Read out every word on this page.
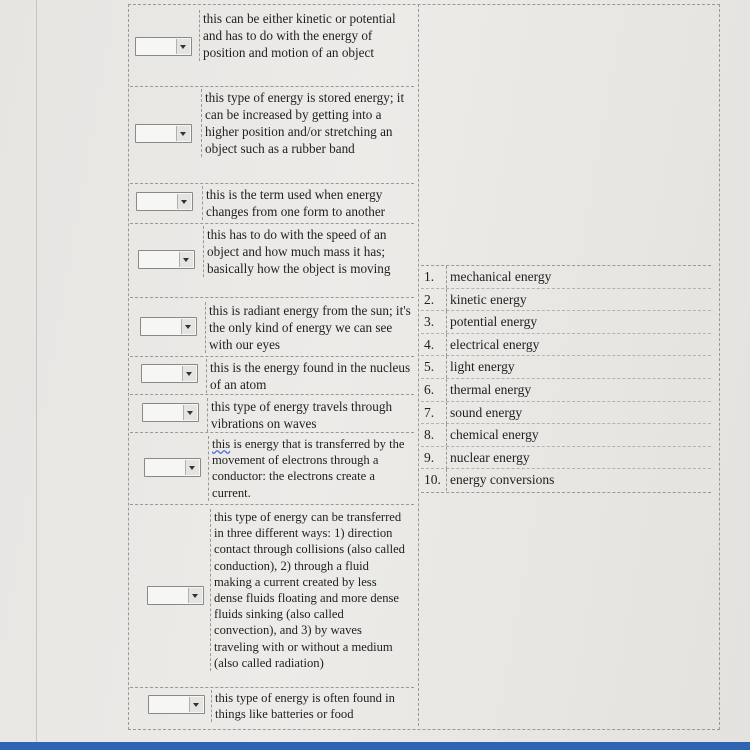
this can be either kinetic or potential and has to do with the energy of position and motion of an object
this type of energy is stored energy; it can be increased by getting into a higher position and/or stretching an object such as a rubber band
this is the term used when energy changes from one form to another
this has to do with the speed of an object and how much mass it has; basically how the object is moving
this is radiant energy from the sun; it's the only kind of energy we can see with our eyes
this is the energy found in the nucleus of an atom
this type of energy travels through vibrations on waves
this is energy that is transferred by the movement of electrons through a conductor: the electrons create a current.
this type of energy can be transferred in three different ways: 1) direction contact through collisions (also called conduction), 2) through a fluid making a current created by less dense fluids floating and more dense fluids sinking (also called convection), and 3) by waves traveling with or without a medium (also called radiation)
this type of energy is often found in things like batteries or food
1.	mechanical energy
2.	kinetic energy
3.	potential energy
4.	electrical energy
5.	light energy
6.	thermal energy
7.	sound energy
8.	chemical energy
9.	nuclear energy
10. energy conversions
